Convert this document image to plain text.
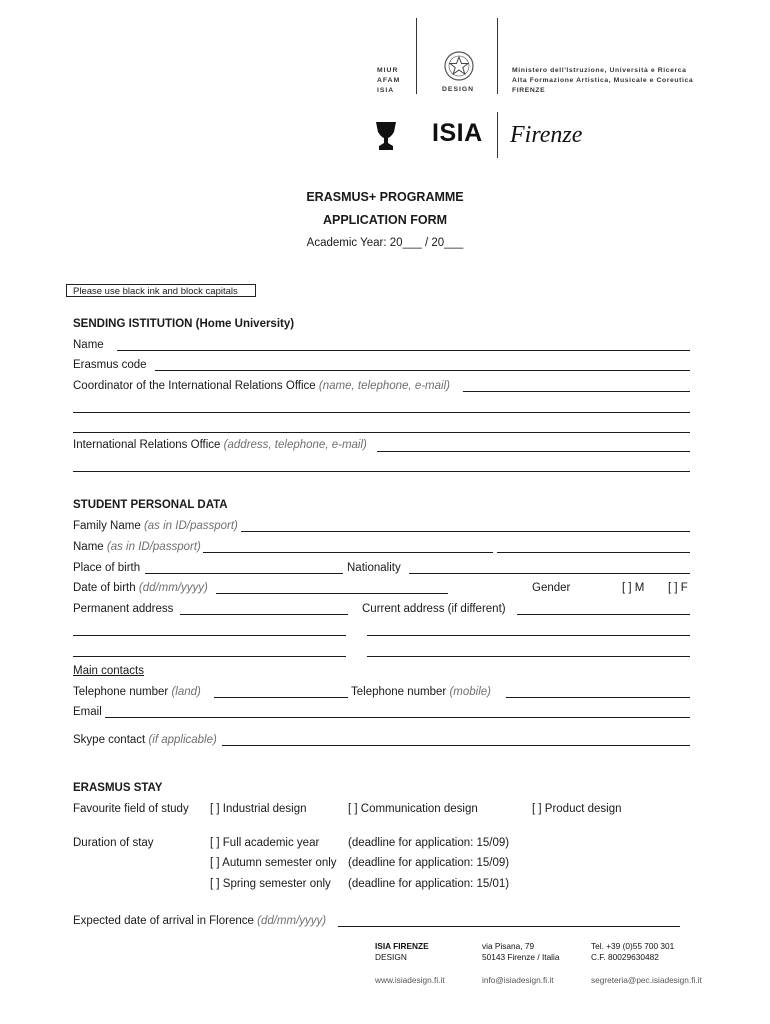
MIUR
AFAM
ISIA	DESIGN
Ministero dell'Istruzione, Università e Ricerca
Alta Formazione Artistica, Musicale e Coreutica
FIRENZE
ISIA Firenze
ERASMUS+ PROGRAMME
APPLICATION FORM
Academic Year: 20___ / 20___
Please use black ink and block capitals
SENDING ISTITUTION (Home University)
Name
Erasmus code
Coordinator of the International Relations Office (name, telephone, e-mail)
International Relations Office (address, telephone, e-mail)
STUDENT PERSONAL DATA
Family Name (as in ID/passport)
Name (as in ID/passport)
Place of birth	Nationality
Date of birth (dd/mm/yyyy)	Gender	[ ] M [ ] F
Permanent address	Current address (if different)
Main contacts
Telephone number (land)	Telephone number (mobile)
Email
Skype contact (if applicable)
ERASMUS STAY
Favourite field of study [ ] Industrial design	[ ] Communication design	[ ] Product design
Duration of stay	[ ] Full academic year (deadline for application: 15/09)
[ ] Autumn semester only (deadline for application: 15/09)
[ ] Spring semester only (deadline for application: 15/01)
Expected date of arrival in Florence (dd/mm/yyyy)
ISIA FIRENZE
DESIGN
via Pisana, 79
50143 Firenze / Italia
Tel. +39 (0)55 700 301
C.F. 80029630482
www.isiadesign.fi.it	info@isiadesign.fi.it	segreteria@pec.isiadesign.fi.it
